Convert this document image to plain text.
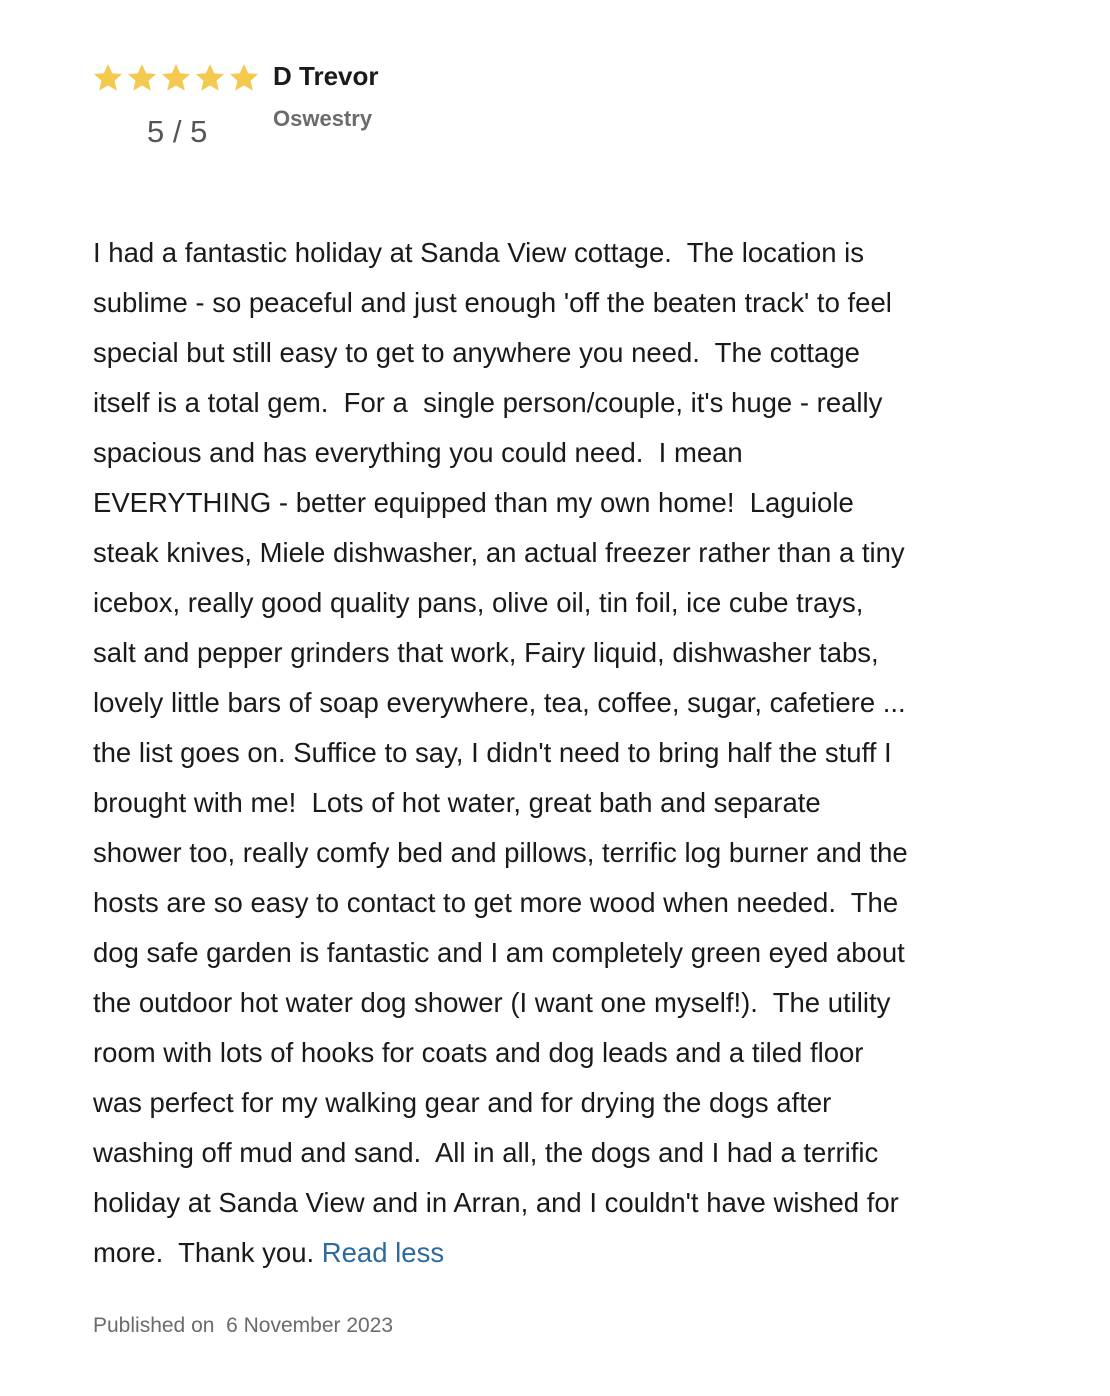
5 / 5
D Trevor
Oswestry
I had a fantastic holiday at Sanda View cottage.  The location is
sublime - so peaceful and just enough 'off the beaten track' to feel
special but still easy to get to anywhere you need.  The cottage
itself is a total gem.  For a  single person/couple, it's huge - really
spacious and has everything you could need.  I mean
EVERYTHING - better equipped than my own home!  Laguiole
steak knives, Miele dishwasher, an actual freezer rather than a tiny
icebox, really good quality pans, olive oil, tin foil, ice cube trays,
salt and pepper grinders that work, Fairy liquid, dishwasher tabs,
lovely little bars of soap everywhere, tea, coffee, sugar, cafetiere ...
the list goes on. Suffice to say, I didn't need to bring half the stuff I
brought with me!  Lots of hot water, great bath and separate
shower too, really comfy bed and pillows, terrific log burner and the
hosts are so easy to contact to get more wood when needed.  The
dog safe garden is fantastic and I am completely green eyed about
the outdoor hot water dog shower (I want one myself!).  The utility
room with lots of hooks for coats and dog leads and a tiled floor
was perfect for my walking gear and for drying the dogs after
washing off mud and sand.  All in all, the dogs and I had a terrific
holiday at Sanda View and in Arran, and I couldn't have wished for
more.  Thank you. Read less
Published on 6 November 2023
